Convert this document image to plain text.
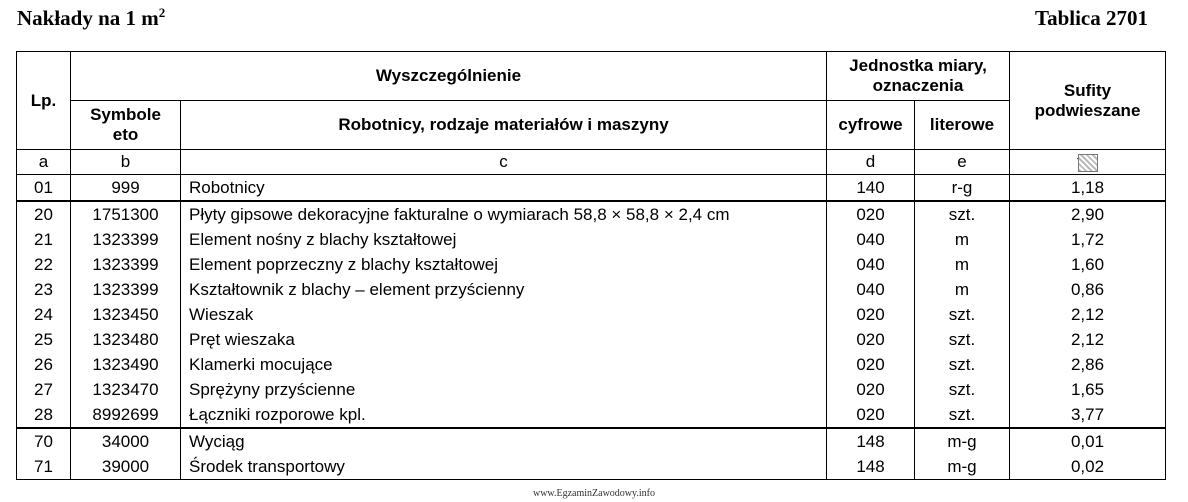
Nakłady na 1 $m^2$	Tablica 2701
Lp.	Wyszczególnienie		Jednostka miary, oznaczenia		Sufity podwieszane
	Symbole eto	Robotnicy, rodzaje materiałów i maszyny	cyfrowe	literowe	
a	b	c	d	e	
01	999	Robotnicy	140	r-g	1,18
20	1751300	Płyty gipsowe dekoracyjne fakturalne o wymiarach 58,8 × 58,8 × 2,4 cm	020	szt.	2,90
21	1323399	Element nośny z blachy kształtowej	040	m	1,72
22	1323399	Element poprzeczny z blachy kształtowej	040	m	1,60
23	1323399	Kształtownik z blachy – element przyścienny	040	m	0,86
24	1323450	Wieszak	020	szt.	2,12
25	1323480	Pręt wieszaka	020	szt.	2,12
26	1323490	Klamerki mocujące	020	szt.	2,86
27	1323470	Sprężyny przyścienne	020	szt.	1,65
28	8992699	Łączniki rozporowe kpl.	020	szt.	3,77
70	34000	Wyciąg	148	m-g	0,01
71	39000	Środek transportowy	148	m-g	0,02
www.EgzaminZawodowy.info
